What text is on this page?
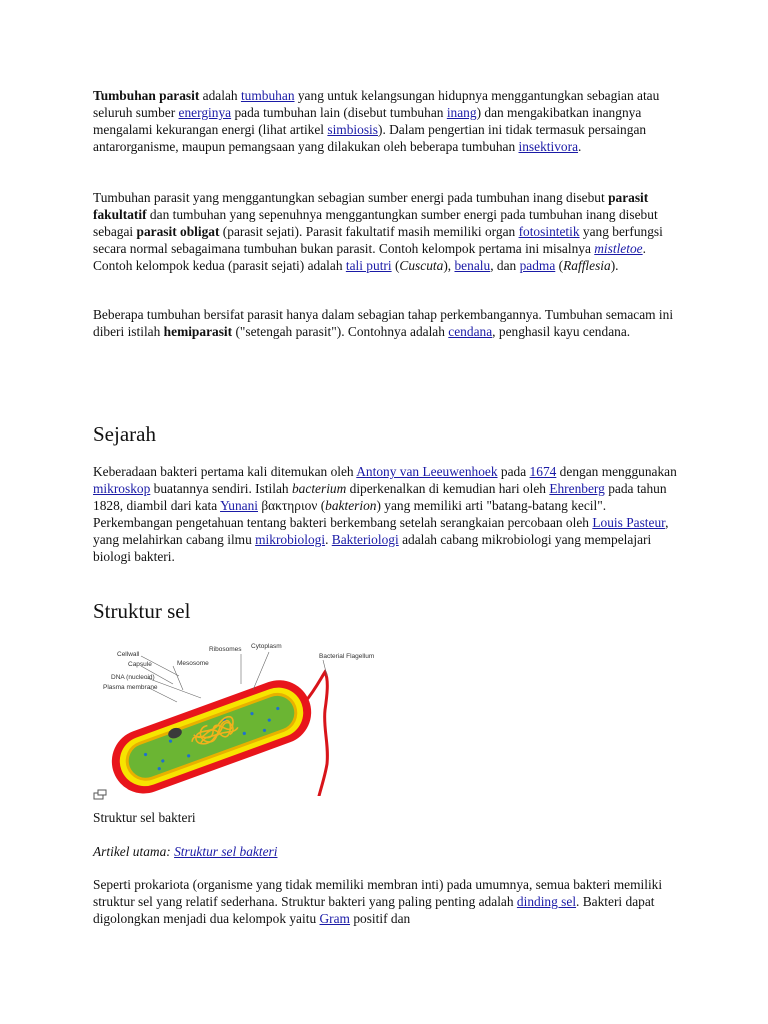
Tumbuhan parasit adalah tumbuhan yang untuk kelangsungan hidupnya menggantungkan sebagian atau seluruh sumber energinya pada tumbuhan lain (disebut tumbuhan inang) dan mengakibatkan inangnya mengalami kekurangan energi (lihat artikel simbiosis). Dalam pengertian ini tidak termasuk persaingan antarorganisme, maupun pemangsaan yang dilakukan oleh beberapa tumbuhan insektivora.

Tumbuhan parasit yang menggantungkan sebagian sumber energi pada tumbuhan inang disebut parasit fakultatif dan tumbuhan yang sepenuhnya menggantungkan sumber energi pada tumbuhan inang disebut sebagai parasit obligat (parasit sejati). Parasit fakultatif masih memiliki organ fotosintetik yang berfungsi secara normal sebagaimana tumbuhan bukan parasit. Contoh kelompok pertama ini misalnya mistletoe. Contoh kelompok kedua (parasit sejati) adalah tali putri (Cuscuta), benalu, dan padma (Rafflesia).

Beberapa tumbuhan bersifat parasit hanya dalam sebagian tahap perkembangannya. Tumbuhan semacam ini diberi istilah hemiparasit ("setengah parasit"). Contohnya adalah cendana, penghasil kayu cendana.

Sejarah

Keberadaan bakteri pertama kali ditemukan oleh Antony van Leeuwenhoek pada 1674 dengan menggunakan mikroskop buatannya sendiri. Istilah bacterium diperkenalkan di kemudian hari oleh Ehrenberg pada tahun 1828, diambil dari kata Yunani βακτηριον (bakterion) yang memiliki arti "batang-batang kecil". Perkembangan pengetahuan tentang bakteri berkembang setelah serangkaian percobaan oleh Louis Pasteur, yang melahirkan cabang ilmu mikrobiologi. Bakteriologi adalah cabang mikrobiologi yang mempelajari biologi bakteri.

Struktur sel
Cellwall
Capsule	Mesosome
DNA (nucleoid)
Plasma membrane
Ribosomes Cytoplasm
Bacterial Flagellum

Struktur sel bakteri

Artikel utama: Struktur sel bakteri

Seperti prokariota (organisme yang tidak memiliki membran inti) pada umumnya, semua bakteri memiliki struktur sel yang relatif sederhana. Struktur bakteri yang paling penting adalah dinding sel. Bakteri dapat digolongkan menjadi dua kelompok yaitu Gram positif dan
